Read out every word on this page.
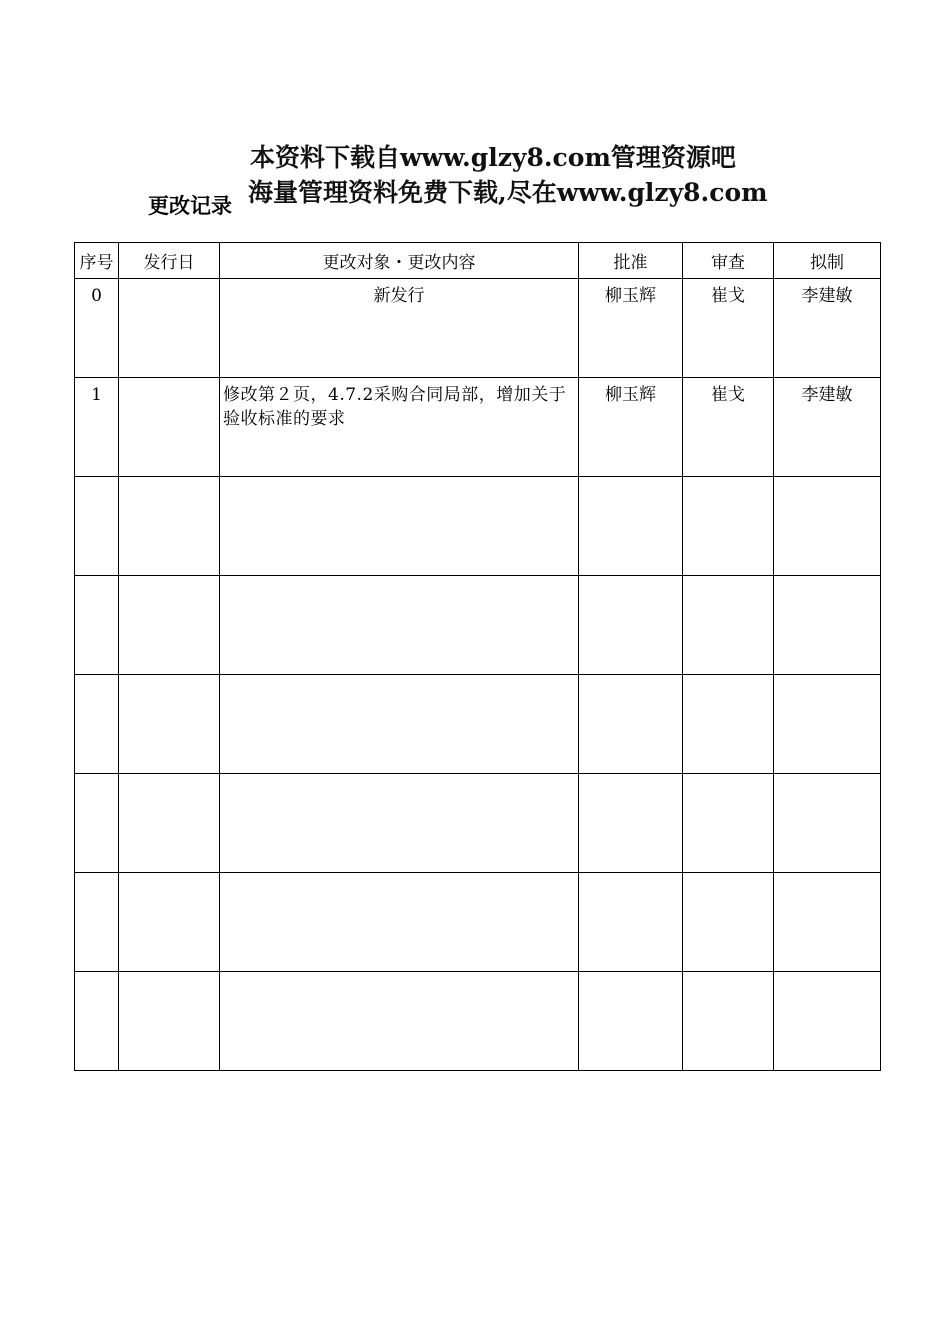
本资料下载自www.glzy8.com管理资源吧
海量管理资料免费下载,尽在www.glzy8.com
更改记录
序号	发行日	更改对象・更改内容	批准	审查	拟制
0		新发行	柳玉辉	崔戈	李建敏
1		修改第２页，4.7.2采购合同局部，增加关于验收标准的要求	柳玉辉	崔戈	李建敏
